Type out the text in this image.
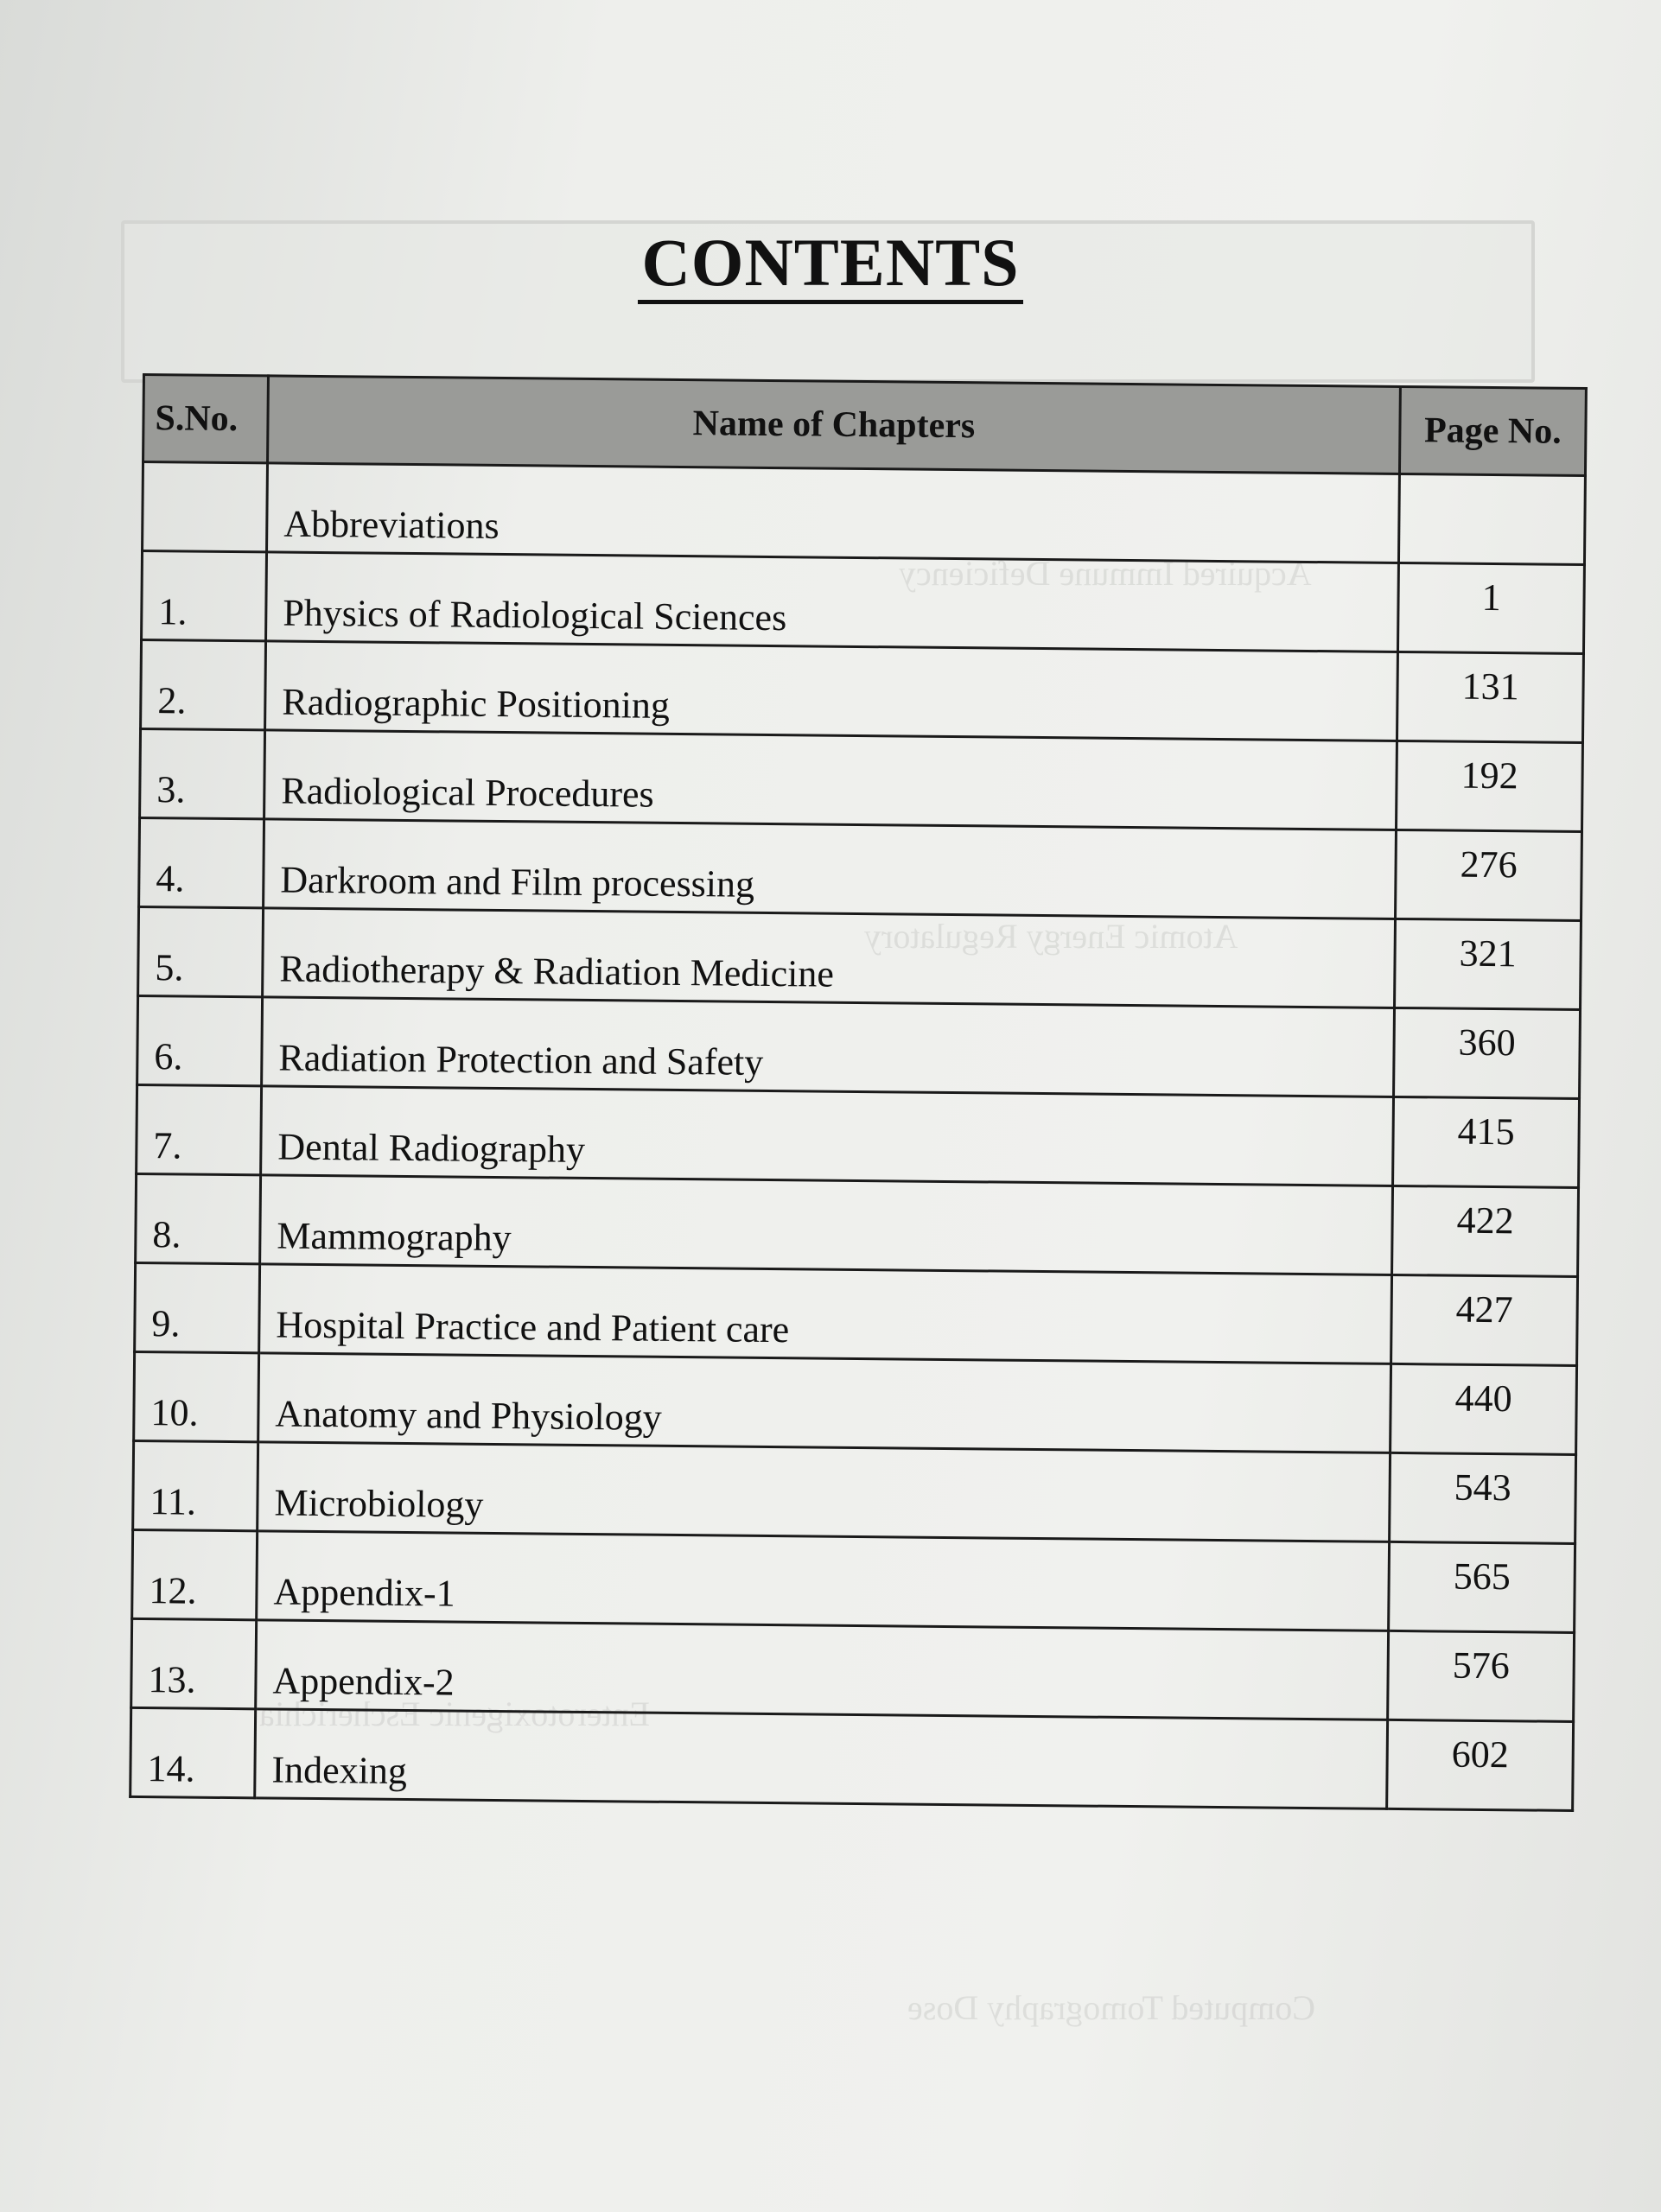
Acquired Immune Deficiency
Atomic Energy Regulatory
Enterotoxigenic Escherichia
Computed Tomography Dose
CONTENTS
S.No.	Name of Chapters	Page No.
	Abbreviations	
1.	Physics of Radiological Sciences	1
2.	Radiographic Positioning	131
3.	Radiological Procedures	192
4.	Darkroom and Film processing	276
5.	Radiotherapy & Radiation Medicine	321
6.	Radiation Protection and Safety	360
7.	Dental Radiography	415
8.	Mammography	422
9.	Hospital Practice and Patient care	427
10.	Anatomy and Physiology	440
11.	Microbiology	543
12.	Appendix-1	565
13.	Appendix-2	576
14.	Indexing	602
